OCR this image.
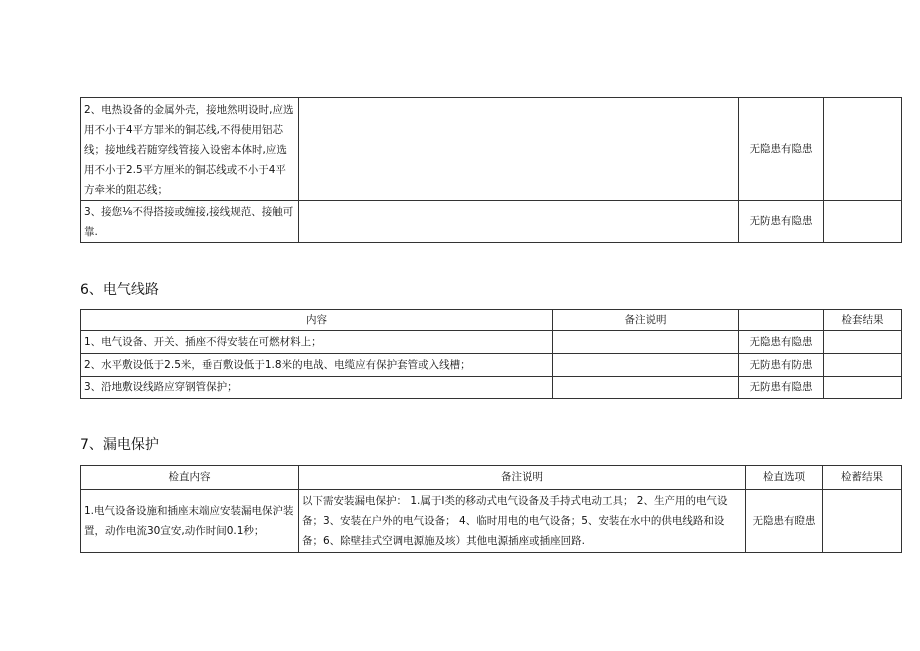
2、电热设备的金属外壳，接地然明设时,应选用不小于4平方罪米的铜芯线,不得使用铝芯线；接地线若随穿线管接入设密本体时,应选用不小于2.5平方厘米的铜芯线或不小于4平方牵米的阻芯线；		无隐患有隐患	
3、接您⅛不得搭接或缠接,接线规范、接触可靠.		无防患有隐患	
6、电气线路
内容	备注说明		检套结果
1、电气设备、开关、插座不得安装在可燃材料上；		无隐患有隐患	
2、水平敷设低于2.5米，垂百敷设低于1.8米的电战、电缆应有保护套管或入线槽；		无防患有防患	
3、沿地敷设线路应穿钢管保护；		无防患有隐患	
7、漏电保护
检直内容	备注说明	检直选项	检蓄结果
1.电气设备设施和插座末端应安装漏电保沪装置，动作电流30宣安,动作时间0.1秒；	以下需安装漏电保护： 1.属于I类的移动式电气设备及手持式电动工具； 2、生产用的电气设备；3、安装在户外的电气设备； 4、临时用电的电气设备；5、安装在水中的供电线路和设备；6、除壁挂式空调电源施及垓）其他电源插座或插座回路.	无隐患有瞪患	
